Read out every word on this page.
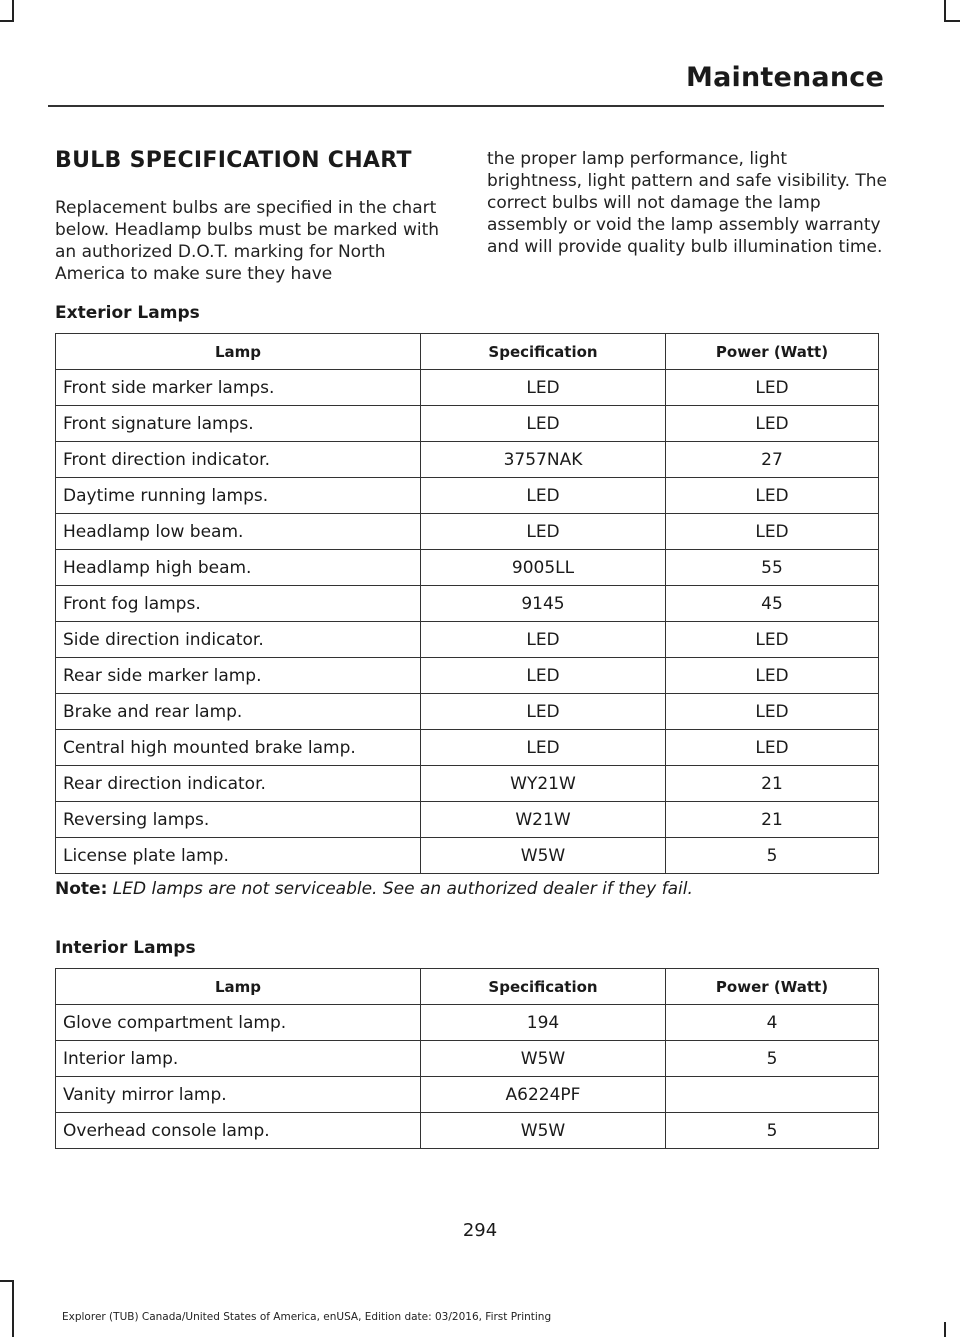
Maintenance
BULB SPECIFICATION CHART
Replacement bulbs are specified in the chart below. Headlamp bulbs must be marked with an authorized D.O.T. marking for North America to make sure they have
the proper lamp performance, light brightness, light pattern and safe visibility. The correct bulbs will not damage the lamp assembly or void the lamp assembly warranty and will provide quality bulb illumination time.
Exterior Lamps
Lamp	Specification	Power (Watt)
Front side marker lamps.	LED	LED
Front signature lamps.	LED	LED
Front direction indicator.	3757NAK	27
Daytime running lamps.	LED	LED
Headlamp low beam.	LED	LED
Headlamp high beam.	9005LL	55
Front fog lamps.	9145	45
Side direction indicator.	LED	LED
Rear side marker lamp.	LED	LED
Brake and rear lamp.	LED	LED
Central high mounted brake lamp.	LED	LED
Rear direction indicator.	WY21W	21
Reversing lamps.	W21W	21
License plate lamp.	W5W	5
Note: LED lamps are not serviceable. See an authorized dealer if they fail.
Interior Lamps
Lamp	Specification	Power (Watt)
Glove compartment lamp.	194	4
Interior lamp.	W5W	5
Vanity mirror lamp.	A6224PF	
Overhead console lamp.	W5W	5
294
Explorer (TUB) Canada/United States of America, enUSA, Edition date: 03/2016, First Printing
